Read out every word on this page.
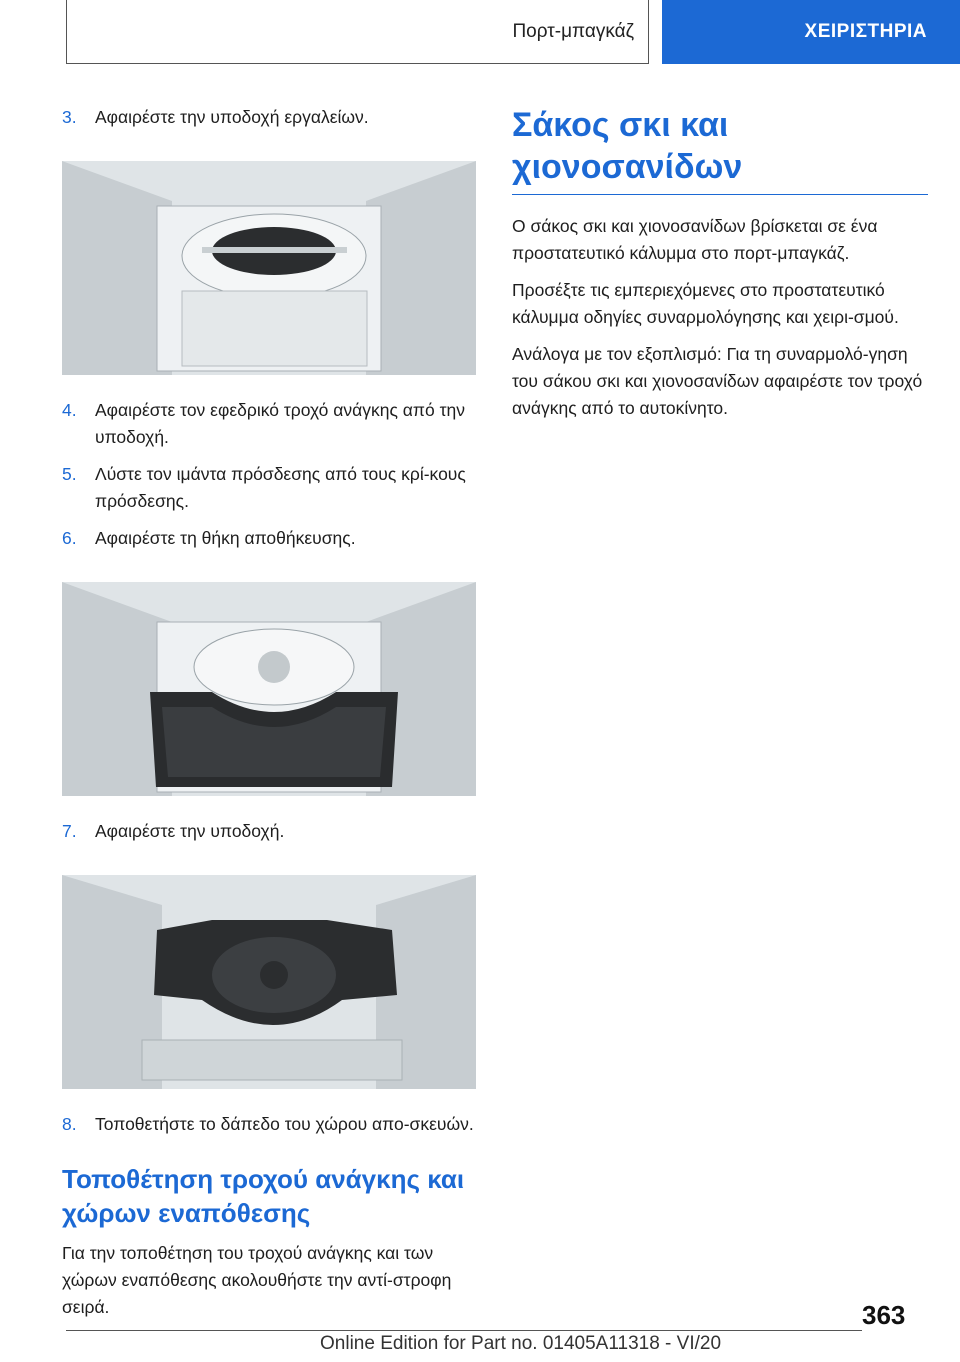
Πορτ-μπαγκάζ	ΧΕΙΡΙΣΤΗΡΙΑ
3.	Αφαιρέστε την υποδοχή εργαλείων.
4.	Αφαιρέστε τον εφεδρικό τροχό ανάγκης από την υποδοχή.
5.	Λύστε τον ιμάντα πρόσδεσης από τους κρί-κους πρόσδεσης.
6.	Αφαιρέστε τη θήκη αποθήκευσης.
7.	Αφαιρέστε την υποδοχή.
8.	Τοποθετήστε το δάπεδο του χώρου απο-σκευών.
Τοποθέτηση τροχού ανάγκης και χώρων εναπόθεσης

Για την τοποθέτηση του τροχού ανάγκης και των χώρων εναπόθεσης ακολουθήστε την αντί-στροφη σειρά.

Σάκος σκι και χιονοσανίδων

Ο σάκος σκι και χιονοσανίδων βρίσκεται σε ένα προστατευτικό κάλυμμα στο πορτ-μπαγκάζ.

Προσέξτε τις εμπεριεχόμενες στο προστατευτικό κάλυμμα οδηγίες συναρμολόγησης και χειρι-σμού.

Ανάλογα με τον εξοπλισμό: Για τη συναρμολό-γηση του σάκου σκι και χιονοσανίδων αφαιρέστε τον τροχό ανάγκης από το αυτοκίνητο.

363
Online Edition for Part no. 01405A11318 - VI/20
